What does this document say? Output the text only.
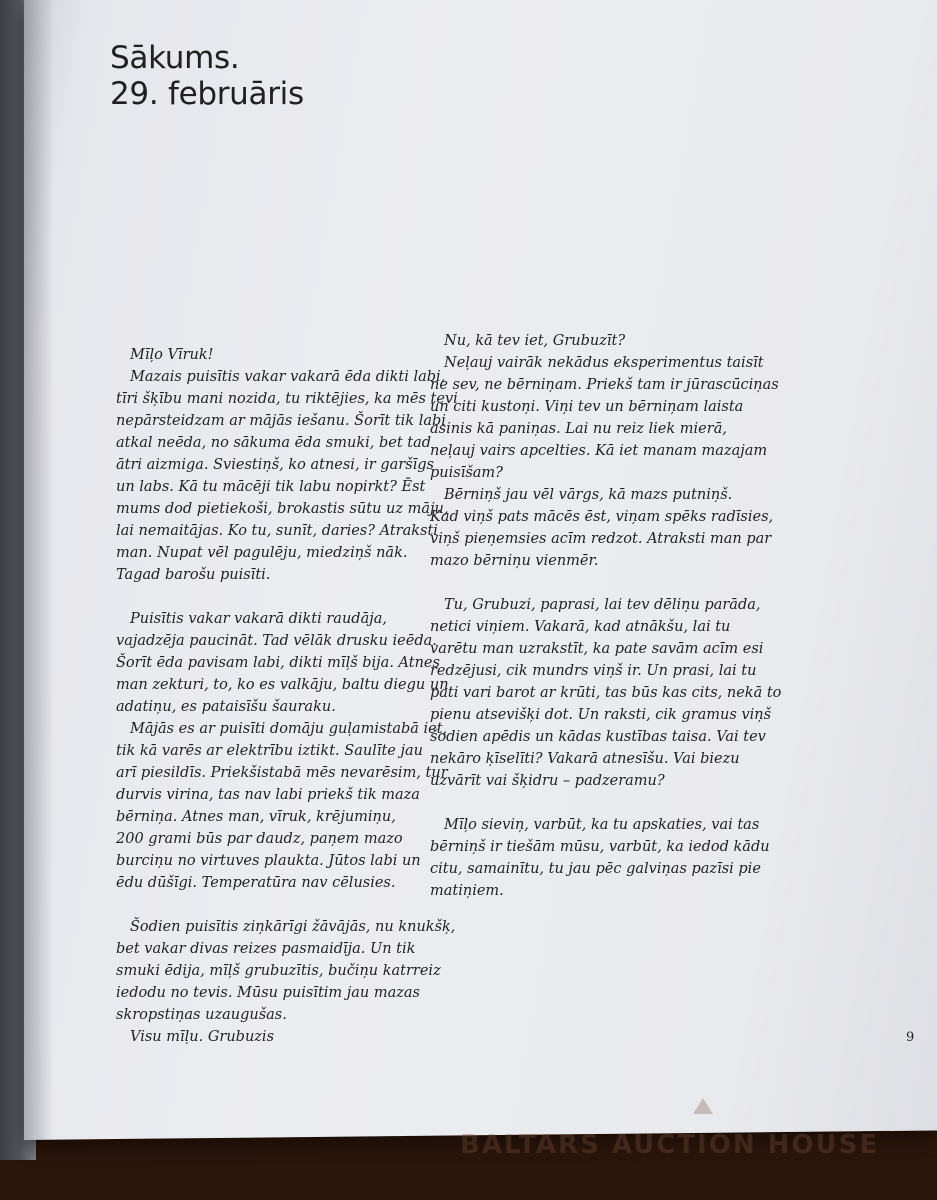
Sākums.
29. februāris

Mīļo Vīruk!

Mazais puisītis vakar vakarā ēda dikti labi,
tīri šķību mani nozida, tu riktējies, ka mēs tevi
nepārsteidzam ar mājās iešanu. Šorīt tik labi
atkal neēda, no sākuma ēda smuki, bet tad
ātri aizmiga. Sviestiņš, ko atnesi, ir garšīgs
un labs. Kā tu mācēji tik labu nopirkt? Ēst
mums dod pietiekoši, brokastis sūtu uz māju,
lai nemaitājas. Ko tu, sunīt, daries? Atraksti
man. Nupat vēl pagulēju, miedziņš nāk.
Tagad barošu puisīti.

Puisītis vakar vakarā dikti raudāja,
vajadzēja paucināt. Tad vēlāk drusku ieēda.
Šorīt ēda pavisam labi, dikti mīļš bija. Atnes
man zekturi, to, ko es valkāju, baltu diegu un
adatiņu, es pataisīšu šauraku.

Mājās es ar puisīti domāju guļamistabā iet,
tik kā varēs ar elektrību iztikt. Saulīte jau
arī piesildīs. Priekšistabā mēs nevarēsim, tur
durvis virina, tas nav labi priekš tik maza
bērniņa. Atnes man, vīruk, krējumiņu,
200 grami būs par daudz, paņem mazo
burciņu no virtuves plaukta. Jūtos labi un
ēdu dūšīgi. Temperatūra nav cēlusies.

Šodien puisītis ziņkārīgi žāvājās, nu knukšķ,
bet vakar divas reizes pasmaidīja. Un tik
smuki ēdija, mīļš grubuzītis, bučiņu katrreiz
iedodu no tevis. Mūsu puisītim jau mazas
skropstiņas uzaugušas.

Visu mīļu. Grubuzis

Nu, kā tev iet, Grubuzīt?

Neļauj vairāk nekādus eksperimentus taisīt
ne sev, ne bērniņam. Priekš tam ir jūrascūciņas
un citi kustoņi. Viņi tev un bērniņam laista
asinis kā paniņas. Lai nu reiz liek mierā,
neļauj vairs apcelties. Kā iet manam mazajam
puisīšam?

Bērniņš jau vēl vārgs, kā mazs putniņš.
Kad viņš pats mācēs ēst, viņam spēks radīsies,
viņš pieņemsies acīm redzot. Atraksti man par
mazo bērniņu vienmēr.

Tu, Grubuzi, paprasi, lai tev dēliņu parāda,
netici viņiem. Vakarā, kad atnākšu, lai tu
varētu man uzrakstīt, ka pate savām acīm esi
redzējusi, cik mundrs viņš ir. Un prasi, lai tu
pati vari barot ar krūti, tas būs kas cits, nekā to
pienu atsevišķi dot. Un raksti, cik gramus viņš
šodien apēdis un kādas kustības taisa. Vai tev
nekāro ķīselīti? Vakarā atnesīšu. Vai biezu
uzvārīt vai šķidru – padzeramu?

Mīļo sieviņ, varbūt, ka tu apskaties, vai tas
bērniņš ir tiešām mūsu, varbūt, ka iedod kādu
citu, samainītu, tu jau pēc galviņas pazīsi pie
matiņiem.

9
BALTARS AUCTION HOUSE
